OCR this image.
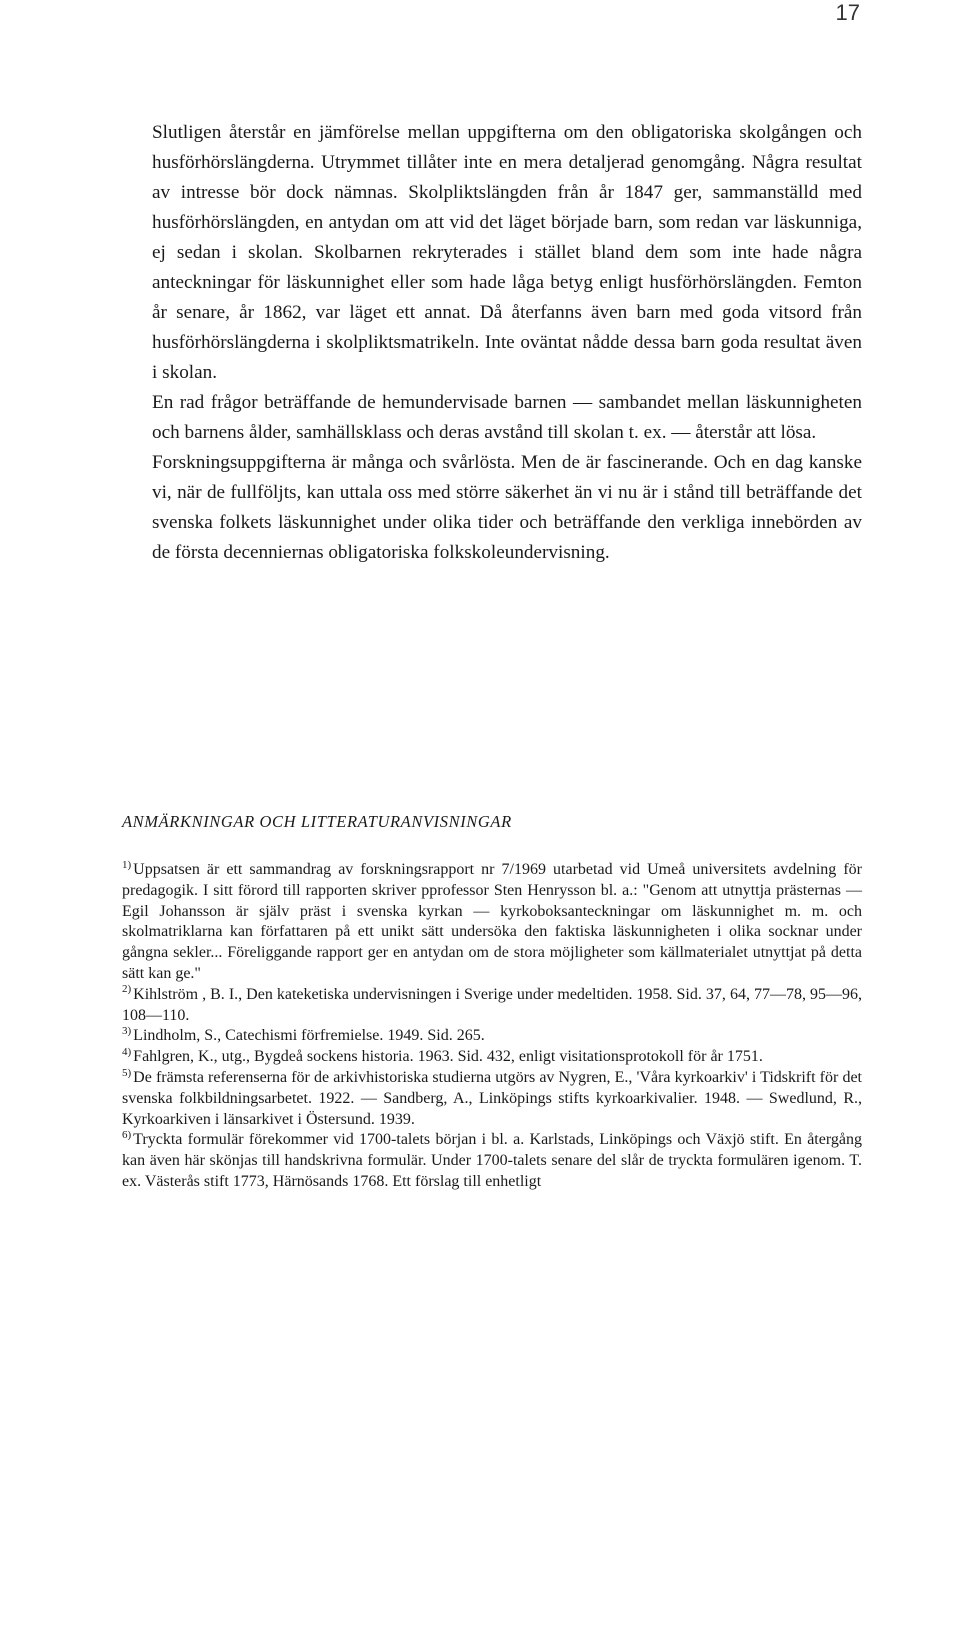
17

Slutligen återstår en jämförelse mellan uppgifterna om den obligatoriska skolgången och husförhörslängderna. Utrymmet tillåter inte en mera detaljerad genomgång. Några resultat av intresse bör dock nämnas. Skolpliktslängden från år 1847 ger, sammanställd med husförhörslängden, en antydan om att vid det läget började barn, som redan var läskunniga, ej sedan i skolan. Skolbarnen rekryterades i stället bland dem som inte hade några anteckningar för läskunnighet eller som hade låga betyg enligt husförhörslängden. Femton år senare, år 1862, var läget ett annat. Då återfanns även barn med goda vitsord från husförhörslängderna i skolpliktsmatrikeln. Inte oväntat nådde dessa barn goda resultat även i skolan.

En rad frågor beträffande de hemundervisade barnen — sambandet mellan läskunnigheten och barnens ålder, samhällsklass och deras avstånd till skolan t. ex. — återstår att lösa.

Forskningsuppgifterna är många och svårlösta. Men de är fascinerande. Och en dag kanske vi, när de fullföljts, kan uttala oss med större säkerhet än vi nu är i stånd till beträffande det svenska folkets läskunnighet under olika tider och beträffande den verkliga innebörden av de första decenniernas obligatoriska folkskoleundervisning.

ANMÄRKNINGAR OCH LITTERATURANVISNINGAR

$^{1)}$ Uppsatsen är ett sammandrag av forskningsrapport nr 7/1969 utarbetad vid Umeå universitets avdelning för predagogik. I sitt förord till rapporten skriver pprofessor Sten Henrysson bl. a.: "Genom att utnyttja prästernas — Egil Johansson är själv präst i svenska kyrkan — kyrkoboksanteckningar om läskunnighet m. m. och skolmatriklarna kan författaren på ett unikt sätt undersöka den faktiska läskunnigheten i olika socknar under gångna sekler... Föreliggande rapport ger en antydan om de stora möjligheter som källmaterialet utnyttjat på detta sätt kan ge."

$^{2)}$ Kihlström , B. I., Den kateketiska undervisningen i Sverige under medeltiden. 1958. Sid. 37, 64, 77—78, 95—96, 108—110.

$^{3)}$ Lindholm, S., Catechismi förfremielse. 1949. Sid. 265.

$^{4)}$ Fahlgren, K., utg., Bygdeå sockens historia. 1963. Sid. 432, enligt visitationsprotokoll för år 1751.

$^{5)}$ De främsta referenserna för de arkivhistoriska studierna utgörs av Nygren, E., 'Våra kyrkoarkiv' i Tidskrift för det svenska folkbildningsarbetet. 1922. — Sandberg, A., Linköpings stifts kyrkoarkivalier. 1948. — Swedlund, R., Kyrkoarkiven i länsarkivet i Östersund. 1939.

$^{6)}$ Tryckta formulär förekommer vid 1700-talets början i bl. a. Karlstads, Linköpings och Växjö stift. En återgång kan även här skönjas till handskrivna formulär. Under 1700-talets senare del slår de tryckta formulären igenom. T. ex. Västerås stift 1773, Härnösands 1768. Ett förslag till enhetligt
